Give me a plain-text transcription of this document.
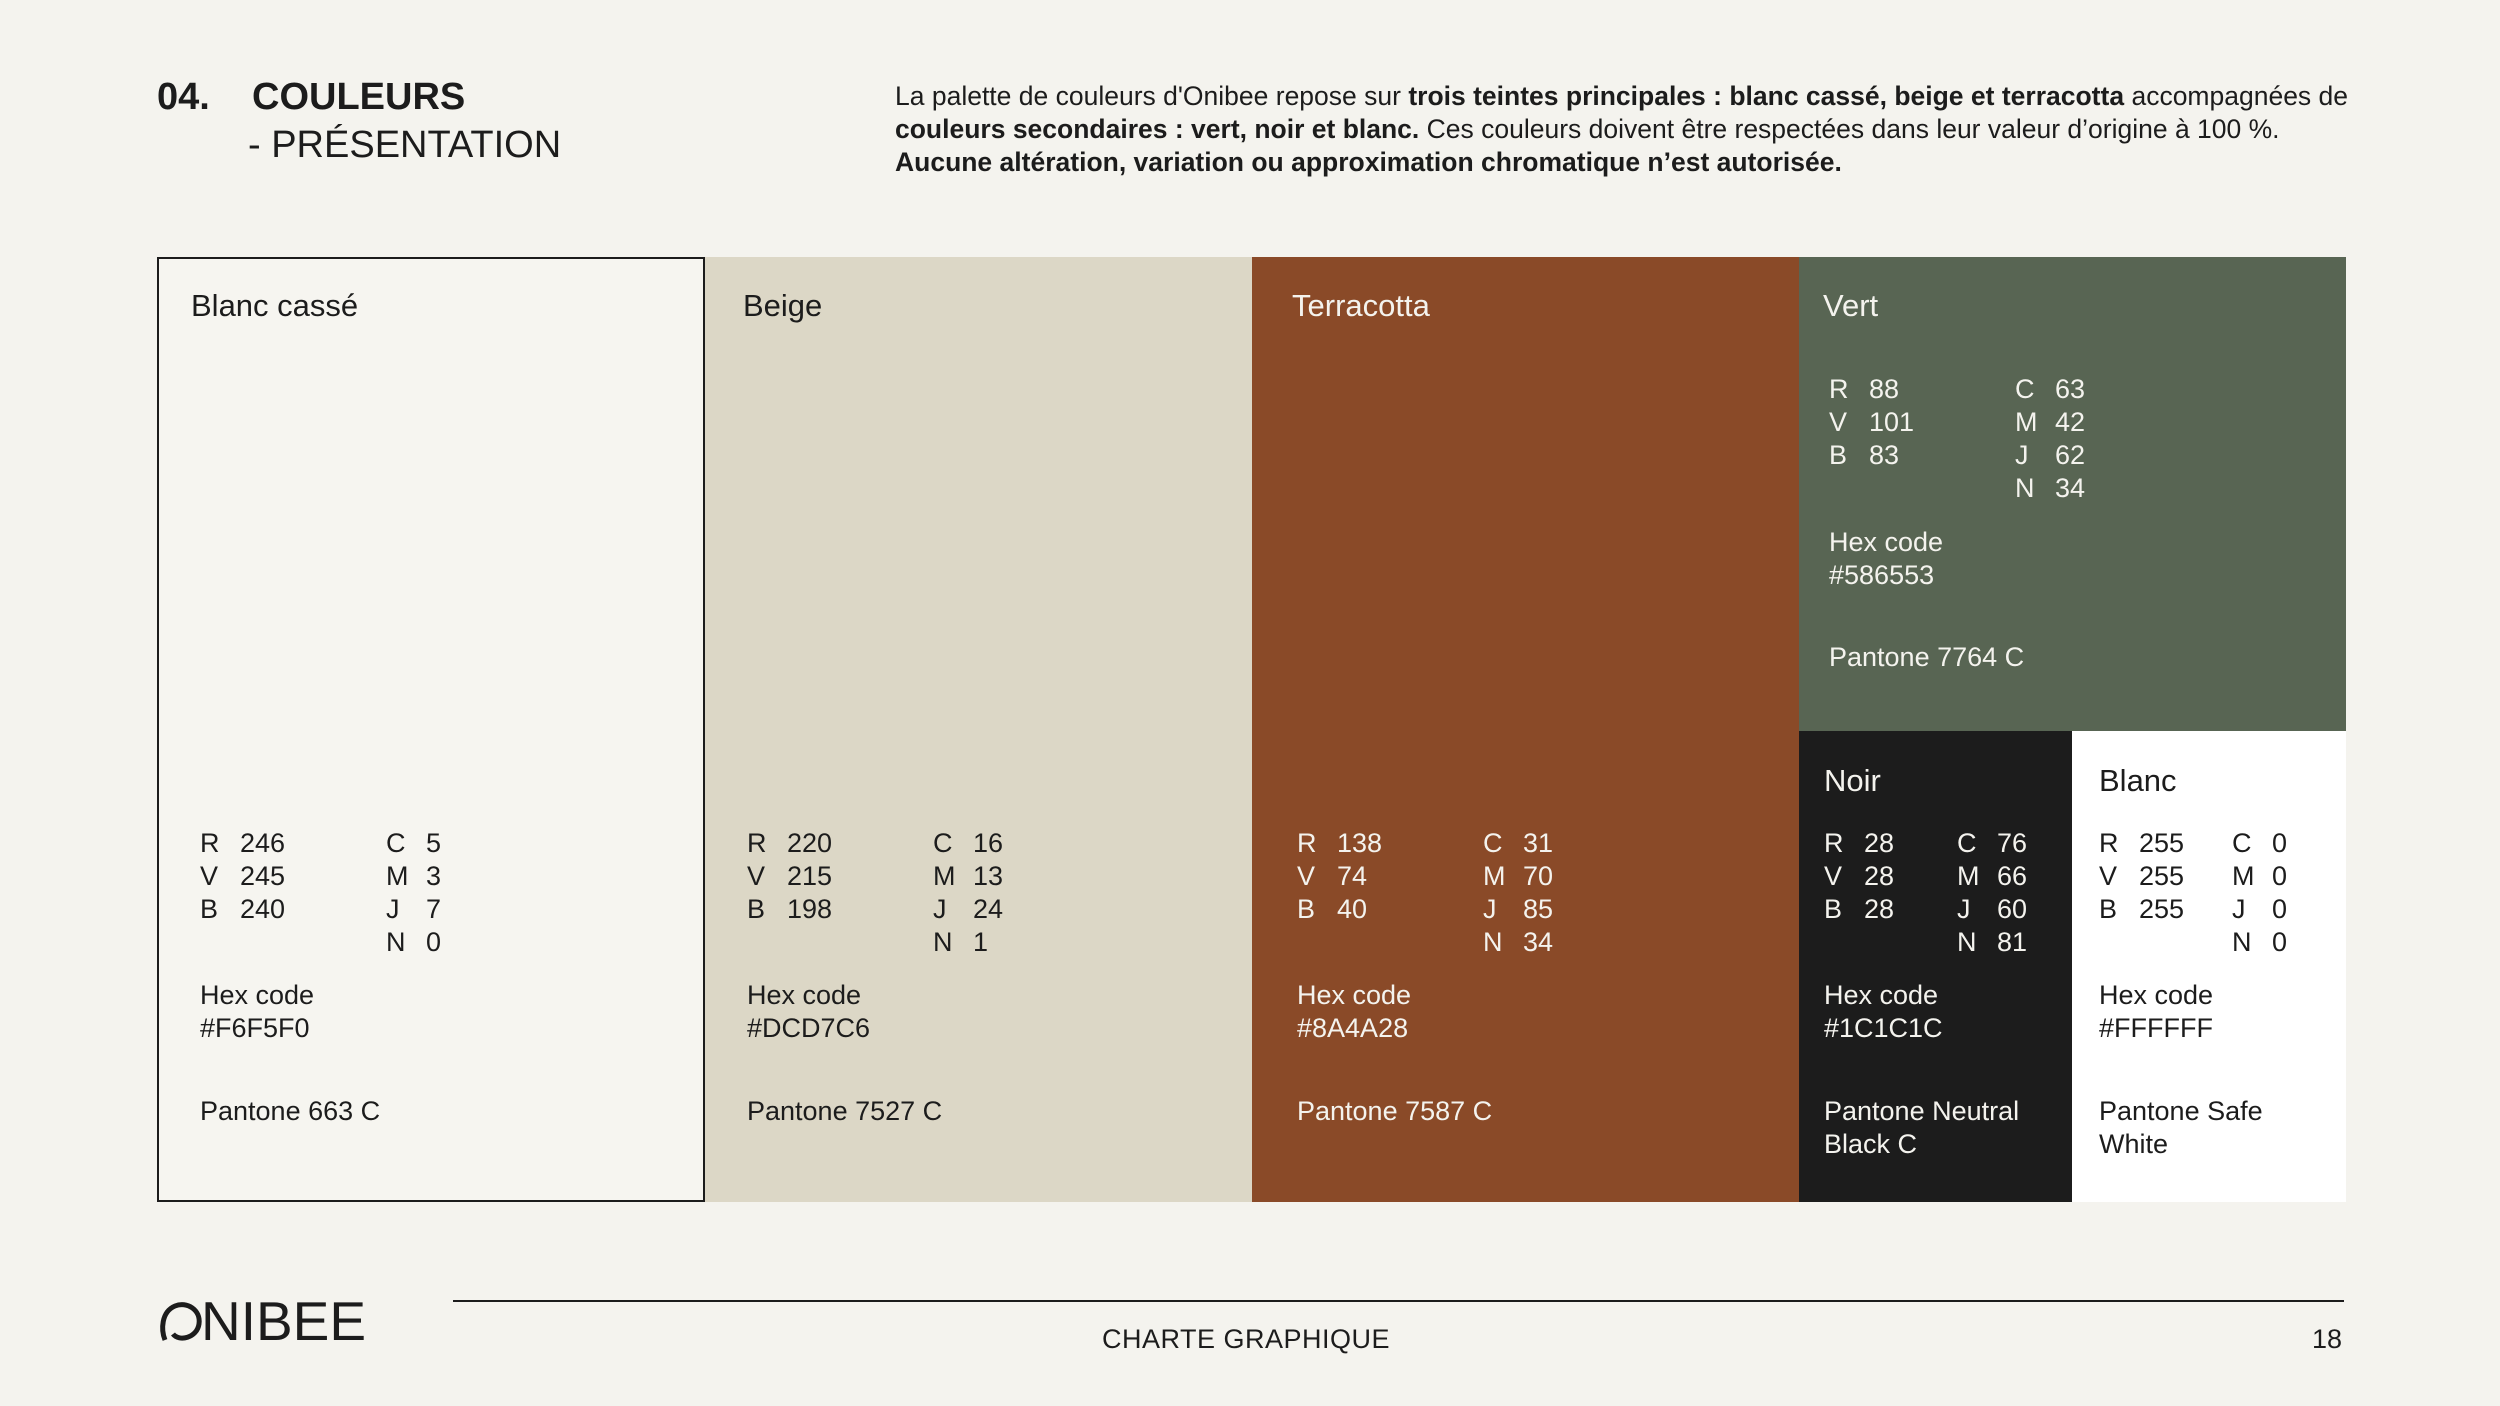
04. COULEURS
- PRÉSENTATION
La palette de couleurs d'Onibee repose sur trois teintes principales : blanc cassé, beige et terracotta accompagnées de couleurs secondaires : vert, noir et blanc. Ces couleurs doivent être respectées dans leur valeur d’origine à 100 %. Aucune altération, variation ou approximation chromatique n’est autorisée.
Blanc cassé
R 246	C 5
V 245	M 3
B 240	J 7
N 0
Hex code
#F6F5F0
Pantone 663 C
Beige
R 220	C 16
V 215	M 13
B 198	J 24
N 1
Hex code
#DCD7C6
Pantone 7527 C
Terracotta
R 138	C 31
V 74	M 70
B 40	J 85
N 34
Hex code
#8A4A28
Pantone 7587 C
Vert
R 88	C 63
V 101	M 42
B 83	J 62
N 34
Hex code
#586553
Pantone 7764 C
Noir
R 28	C 76
V 28	M 66
B 28	J 60
N 81
Hex code
#1C1C1C
Pantone Neutral
Black C
Blanc
R 255	C 0
V 255	M 0
B 255	J 0
N 0
Hex code
#FFFFFF
Pantone Safe
White
NIBEE	CHARTE GRAPHIQUE	18
